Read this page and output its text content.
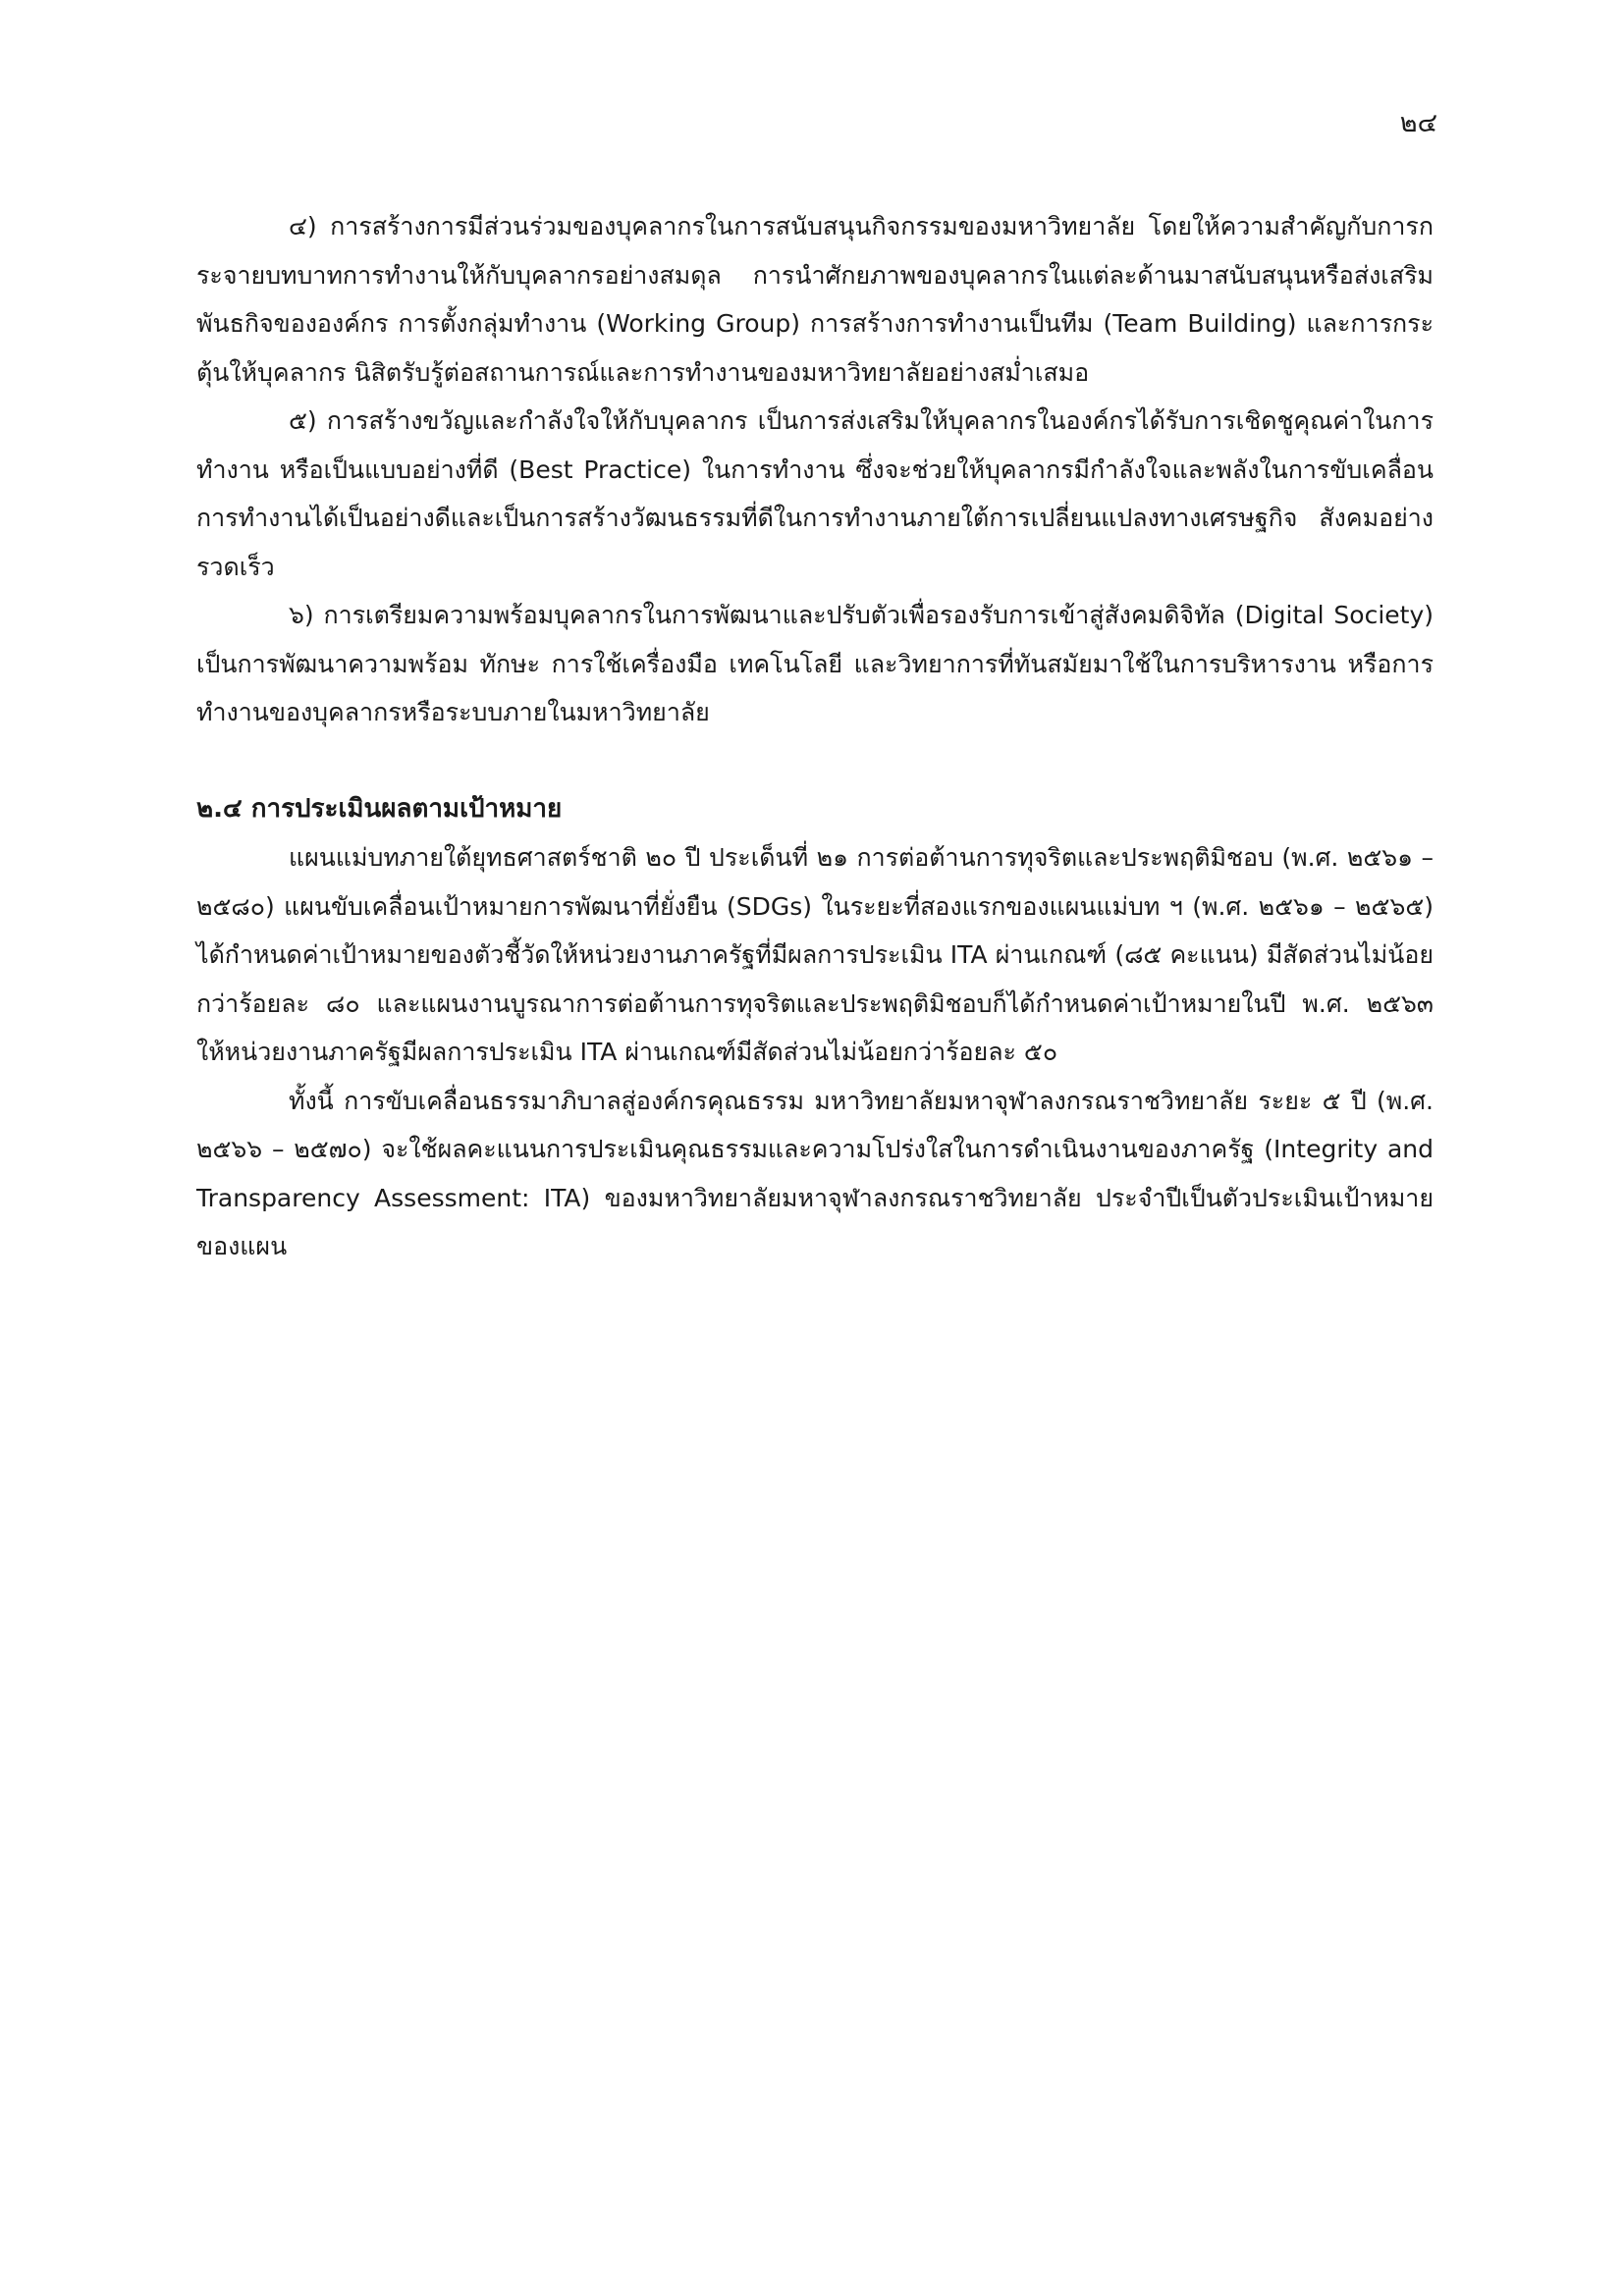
๒๔

๔) การสร้างการมีส่วนร่วมของบุคลากรในการสนับสนุนกิจกรรมของมหาวิทยาลัย โดยให้ความสำคัญกับการกระจายบทบาทการทำงานให้กับบุคลากรอย่างสมดุล การนำศักยภาพของบุคลากรในแต่ละด้านมาสนับสนุนหรือส่งเสริมพันธกิจขององค์กร การตั้งกลุ่มทำงาน (Working Group) การสร้างการทำงานเป็นทีม (Team Building) และการกระตุ้นให้บุคลากร นิสิตรับรู้ต่อสถานการณ์และการทำงานของมหาวิทยาลัยอย่างสม่ำเสมอ

๕) การสร้างขวัญและกำลังใจให้กับบุคลากร เป็นการส่งเสริมให้บุคลากรในองค์กรได้รับการเชิดชูคุณค่าในการทำงาน หรือเป็นแบบอย่างที่ดี (Best Practice) ในการทำงาน ซึ่งจะช่วยให้บุคลากรมีกำลังใจและพลังในการขับเคลื่อนการทำงานได้เป็นอย่างดีและเป็นการสร้างวัฒนธรรมที่ดีในการทำงานภายใต้การเปลี่ยนแปลงทางเศรษฐกิจ สังคมอย่างรวดเร็ว

๖) การเตรียมความพร้อมบุคลากรในการพัฒนาและปรับตัวเพื่อรองรับการเข้าสู่สังคมดิจิทัล (Digital Society) เป็นการพัฒนาความพร้อม ทักษะ การใช้เครื่องมือ เทคโนโลยี และวิทยาการที่ทันสมัยมาใช้ในการบริหารงาน หรือการทำงานของบุคลากรหรือระบบภายในมหาวิทยาลัย

๒.๔ การประเมินผลตามเป้าหมาย

แผนแม่บทภายใต้ยุทธศาสตร์ชาติ ๒๐ ปี ประเด็นที่ ๒๑ การต่อต้านการทุจริตและประพฤติมิชอบ (พ.ศ. ๒๕๖๑ – ๒๕๘๐) แผนขับเคลื่อนเป้าหมายการพัฒนาที่ยั่งยืน (SDGs) ในระยะที่สองแรกของแผนแม่บท ฯ (พ.ศ. ๒๕๖๑ – ๒๕๖๕) ได้กำหนดค่าเป้าหมายของตัวชี้วัดให้หน่วยงานภาครัฐที่มีผลการประเมิน ITA ผ่านเกณฑ์ (๘๕ คะแนน) มีสัดส่วนไม่น้อยกว่าร้อยละ ๘๐ และแผนงานบูรณาการต่อต้านการทุจริตและประพฤติมิชอบก็ได้กำหนดค่าเป้าหมายในปี พ.ศ. ๒๕๖๓ ให้หน่วยงานภาครัฐมีผลการประเมิน ITA ผ่านเกณฑ์มีสัดส่วนไม่น้อยกว่าร้อยละ ๕๐

ทั้งนี้ การขับเคลื่อนธรรมาภิบาลสู่องค์กรคุณธรรม มหาวิทยาลัยมหาจุฬาลงกรณราชวิทยาลัย ระยะ ๕ ปี (พ.ศ. ๒๕๖๖ – ๒๕๗๐) จะใช้ผลคะแนนการประเมินคุณธรรมและความโปร่งใสในการดำเนินงานของภาครัฐ (Integrity and Transparency Assessment: ITA) ของมหาวิทยาลัยมหาจุฬาลงกรณราชวิทยาลัย ประจำปีเป็นตัวประเมินเป้าหมายของแผน
